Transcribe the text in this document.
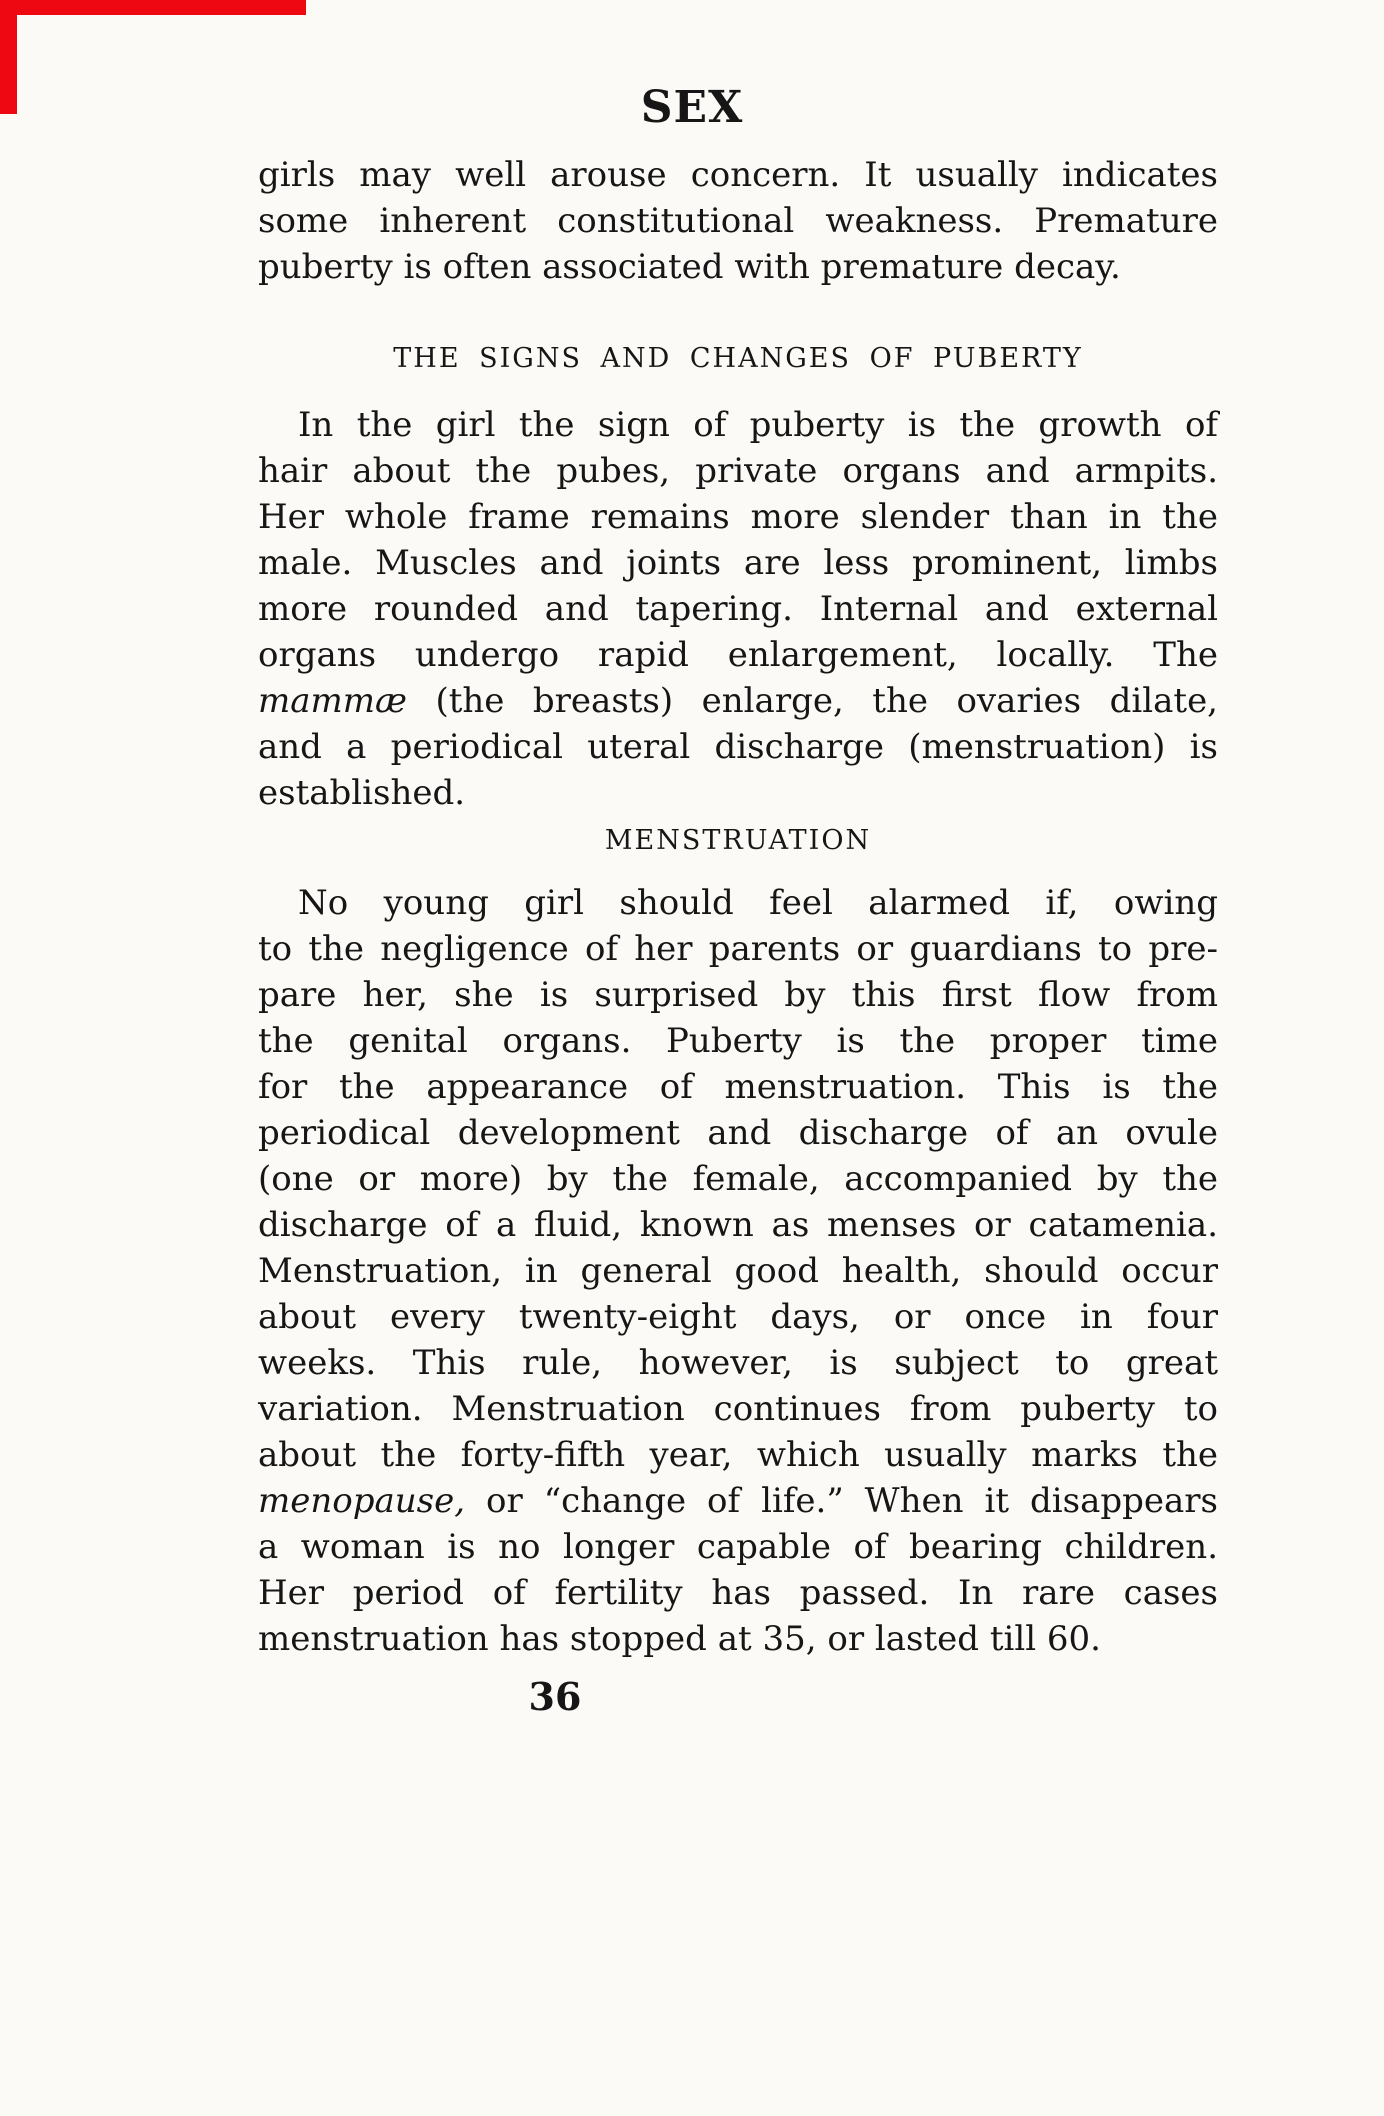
SEX
girls may well arouse concern. It usually indicates
some inherent constitutional weakness. Premature
puberty is often associated with premature decay.
THE SIGNS AND CHANGES OF PUBERTY
In the girl the sign of puberty is the growth of
hair about the pubes, private organs and armpits.
Her whole frame remains more slender than in the
male. Muscles and joints are less prominent, limbs
more rounded and tapering. Internal and external
organs undergo rapid enlargement, locally. The
mammæ (the breasts) enlarge, the ovaries dilate,
and a periodical uteral discharge (menstruation) is
established.
MENSTRUATION
No young girl should feel alarmed if, owing
to the negligence of her parents or guardians to pre-
pare her, she is surprised by this first flow from
the genital organs. Puberty is the proper time
for the appearance of menstruation. This is the
periodical development and discharge of an ovule
(one or more) by the female, accompanied by the
discharge of a fluid, known as menses or catamenia.
Menstruation, in general good health, should occur
about every twenty-eight days, or once in four
weeks. This rule, however, is subject to great
variation. Menstruation continues from puberty to
about the forty-fifth year, which usually marks the
menopause, or “change of life.” When it disappears
a woman is no longer capable of bearing children.
Her period of fertility has passed. In rare cases
menstruation has stopped at 35, or lasted till 60.
36
